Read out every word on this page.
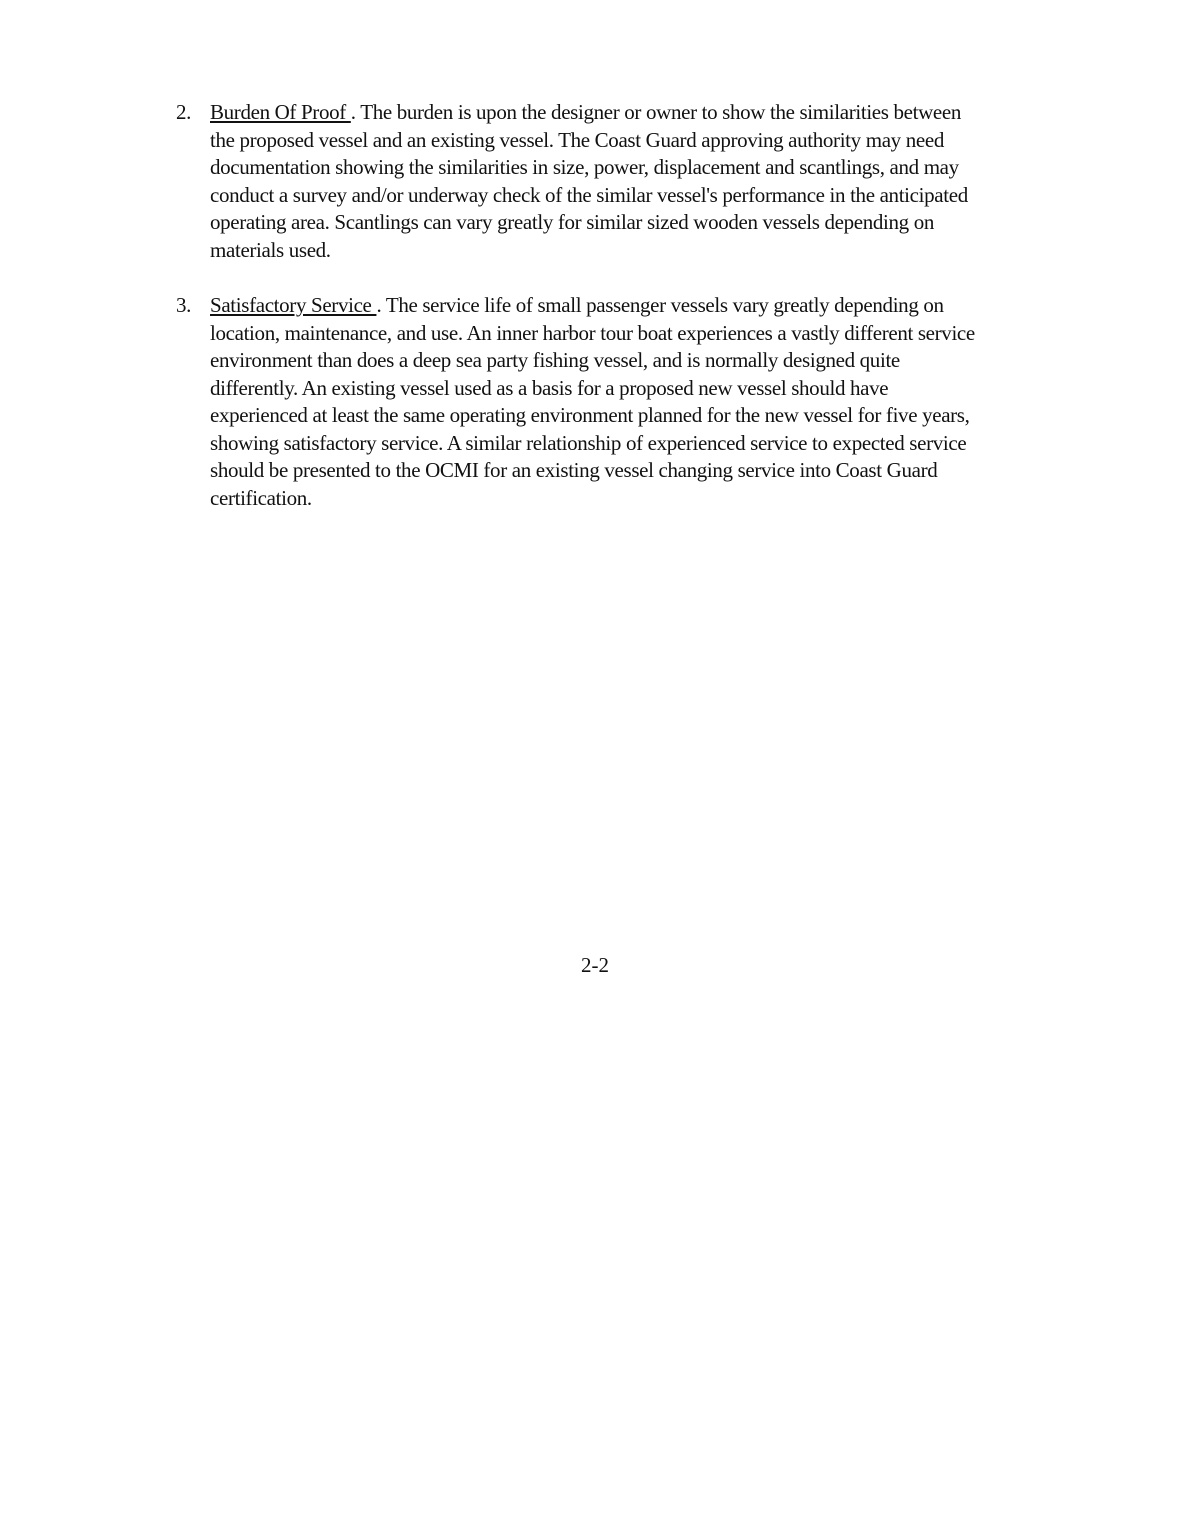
2. Burden Of Proof . The burden is upon the designer or owner to show the similarities between
the proposed vessel and an existing vessel. The Coast Guard approving authority may need
documentation showing the similarities in size, power, displacement and scantlings, and may
conduct a survey and/or underway check of the similar vessel's performance in the anticipated
operating area. Scantlings can vary greatly for similar sized wooden vessels depending on
materials used.
3. Satisfactory Service . The service life of small passenger vessels vary greatly depending on
location, maintenance, and use. An inner harbor tour boat experiences a vastly different service
environment than does a deep sea party fishing vessel, and is normally designed quite
differently. An existing vessel used as a basis for a proposed new vessel should have
experienced at least the same operating environment planned for the new vessel for five years,
showing satisfactory service. A similar relationship of experienced service to expected service
should be presented to the OCMI for an existing vessel changing service into Coast Guard
certification.
2-2
